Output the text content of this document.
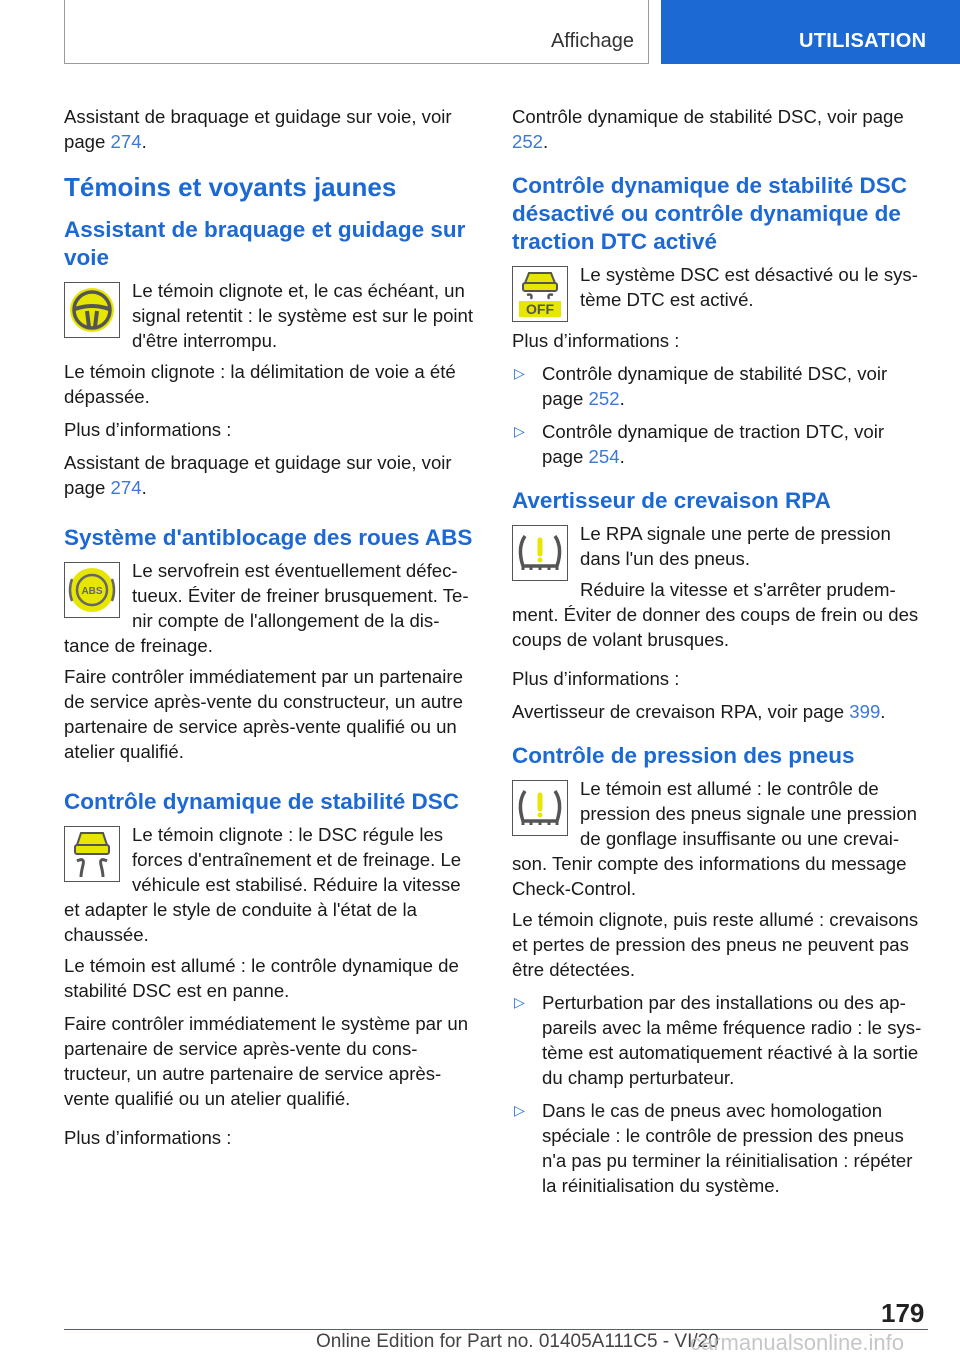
Affichage	UTILISATION

Assistant de braquage et guidage sur voie, voir page 274.

Témoins et voyants jaunes
Assistant de braquage et guidage sur voie

Le témoin clignote et, le cas échéant, un signal retentit : le système est sur le point d'être interrompu.

Le témoin clignote : la délimitation de voie a été dépassée.

Plus d’informations :

Assistant de braquage et guidage sur voie, voir page 274.

Système d'antiblocage des roues ABS
ABS

Le servofrein est éventuellement défectueux. Éviter de freiner brusquement. Tenir compte de l'allongement de la distance de freinage.

Faire contrôler immédiatement par un partenaire de service après-vente du constructeur, un autre partenaire de service après-vente qualifié ou un atelier qualifié.

Contrôle dynamique de stabilité DSC

Le témoin clignote : le DSC régule les forces d'entraînement et de freinage. Le véhicule est stabilisé. Réduire la vitesse et adapter le style de conduite à l'état de la chaussée.

Le témoin est allumé : le contrôle dynamique de stabilité DSC est en panne.

Faire contrôler immédiatement le système par un partenaire de service après-vente du constructeur, un autre partenaire de service après-vente qualifié ou un atelier qualifié.

Plus d’informations :

Contrôle dynamique de stabilité DSC, voir page 252.

Contrôle dynamique de stabilité DSC désactivé ou contrôle dynamique de traction DTC activé
OFF

Le système DSC est désactivé ou le système DTC est activé.

Plus d’informations :

▷ Contrôle dynamique de stabilité DSC, voir page 252.
▷ Contrôle dynamique de traction DTC, voir page 254.
Avertisseur de crevaison RPA

Le RPA signale une perte de pression dans l'un des pneus.

Réduire la vitesse et s'arrêter prudemment. Éviter de donner des coups de frein ou des coups de volant brusques.

Plus d’informations :

Avertisseur de crevaison RPA, voir page 399.

Contrôle de pression des pneus

Le témoin est allumé : le contrôle de pression des pneus signale une pression de gonflage insuffisante ou une crevaison. Tenir compte des informations du message Check-Control.

Le témoin clignote, puis reste allumé : crevaisons et pertes de pression des pneus ne peuvent pas être détectées.

▷ Perturbation par des installations ou des appareils avec la même fréquence radio : le système est automatiquement réactivé à la sortie du champ perturbateur.
▷ Dans le cas de pneus avec homologation spéciale : le contrôle de pression des pneus n'a pas pu terminer la réinitialisation : répéter la réinitialisation du système.
179
Online Edition for Part no. 01405A111C5 - VI/20
carmanualsonline.info
